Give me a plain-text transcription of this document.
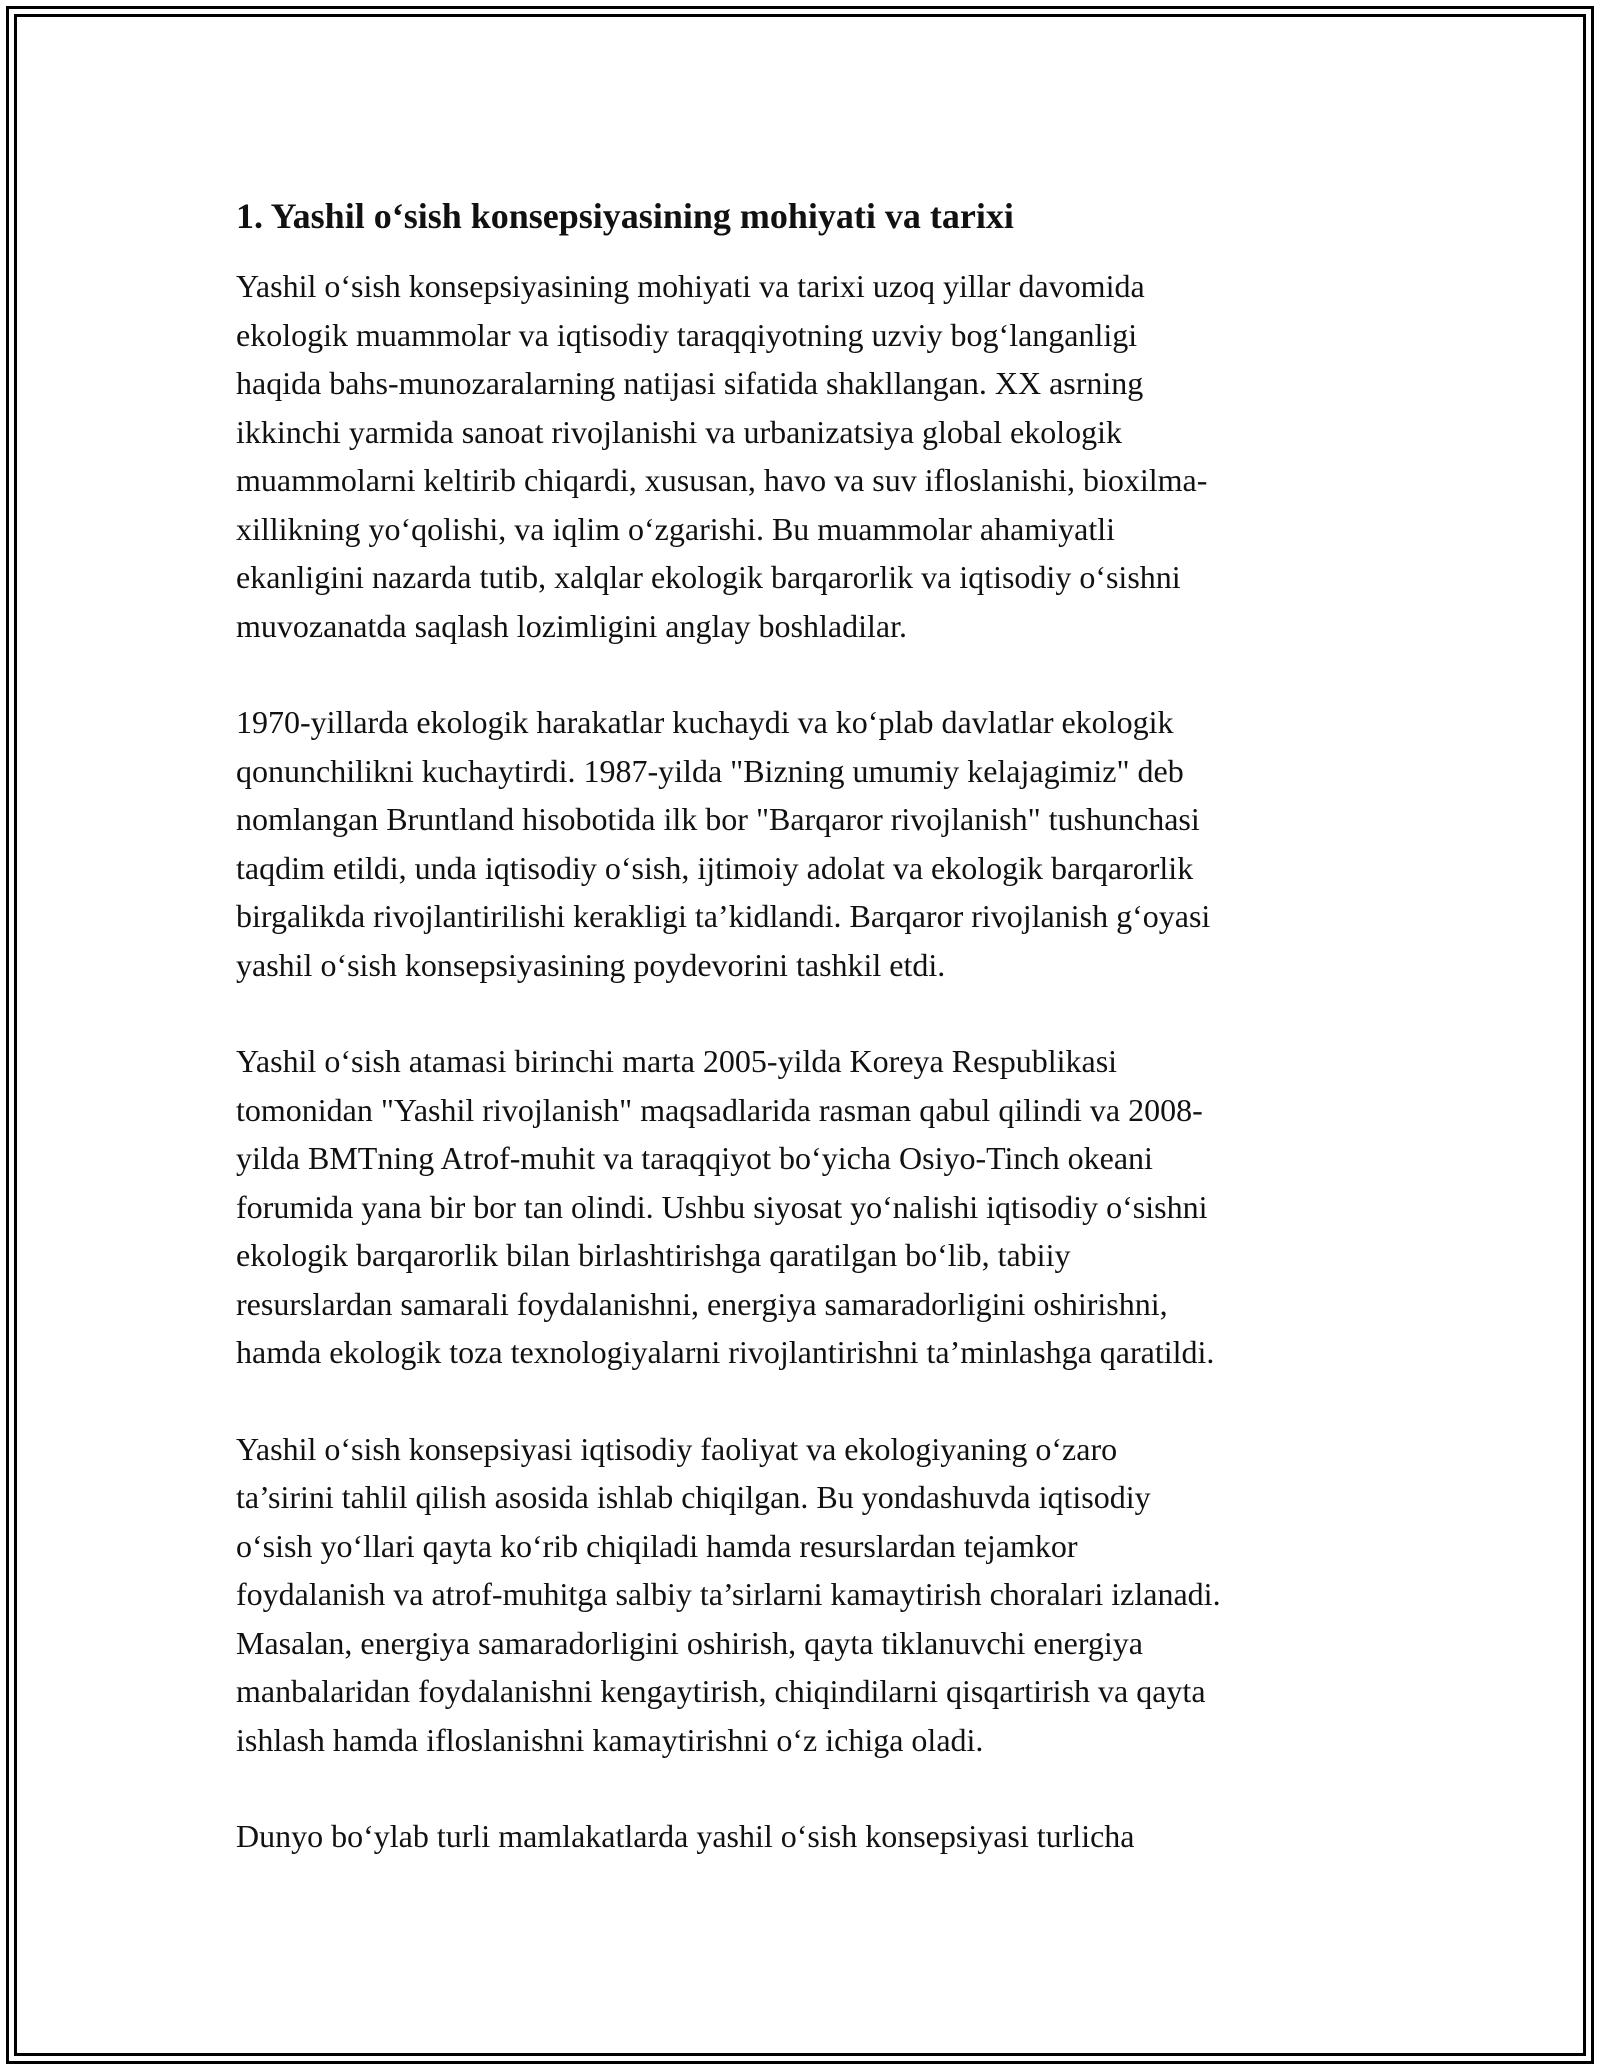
1. Yashil o‘sish konsepsiyasining mohiyati va tarixi
Yashil o‘sish konsepsiyasining mohiyati va tarixi uzoq yillar davomida
ekologik muammolar va iqtisodiy taraqqiyotning uzviy bog‘langanligi
haqida bahs-munozaralarning natijasi sifatida shakllangan. XX asrning
ikkinchi yarmida sanoat rivojlanishi va urbanizatsiya global ekologik
muammolarni keltirib chiqardi, xususan, havo va suv ifloslanishi, bioxilma-
xillikning yo‘qolishi, va iqlim o‘zgarishi. Bu muammolar ahamiyatli
ekanligini nazarda tutib, xalqlar ekologik barqarorlik va iqtisodiy o‘sishni
muvozanatda saqlash lozimligini anglay boshladilar.
1970-yillarda ekologik harakatlar kuchaydi va ko‘plab davlatlar ekologik
qonunchilikni kuchaytirdi. 1987-yilda "Bizning umumiy kelajagimiz" deb
nomlangan Bruntland hisobotida ilk bor "Barqaror rivojlanish" tushunchasi
taqdim etildi, unda iqtisodiy o‘sish, ijtimoiy adolat va ekologik barqarorlik
birgalikda rivojlantirilishi kerakligi ta’kidlandi. Barqaror rivojlanish g‘oyasi
yashil o‘sish konsepsiyasining poydevorini tashkil etdi.
Yashil o‘sish atamasi birinchi marta 2005-yilda Koreya Respublikasi
tomonidan "Yashil rivojlanish" maqsadlarida rasman qabul qilindi va 2008-
yilda BMTning Atrof-muhit va taraqqiyot bo‘yicha Osiyo-Tinch okeani
forumida yana bir bor tan olindi. Ushbu siyosat yo‘nalishi iqtisodiy o‘sishni
ekologik barqarorlik bilan birlashtirishga qaratilgan bo‘lib, tabiiy
resurslardan samarali foydalanishni, energiya samaradorligini oshirishni,
hamda ekologik toza texnologiyalarni rivojlantirishni ta’minlashga qaratildi.
Yashil o‘sish konsepsiyasi iqtisodiy faoliyat va ekologiyaning o‘zaro
ta’sirini tahlil qilish asosida ishlab chiqilgan. Bu yondashuvda iqtisodiy
o‘sish yo‘llari qayta ko‘rib chiqiladi hamda resurslardan tejamkor
foydalanish va atrof-muhitga salbiy ta’sirlarni kamaytirish choralari izlanadi.
Masalan, energiya samaradorligini oshirish, qayta tiklanuvchi energiya
manbalaridan foydalanishni kengaytirish, chiqindilarni qisqartirish va qayta
ishlash hamda ifloslanishni kamaytirishni o‘z ichiga oladi.
Dunyo bo‘ylab turli mamlakatlarda yashil o‘sish konsepsiyasi turlicha
